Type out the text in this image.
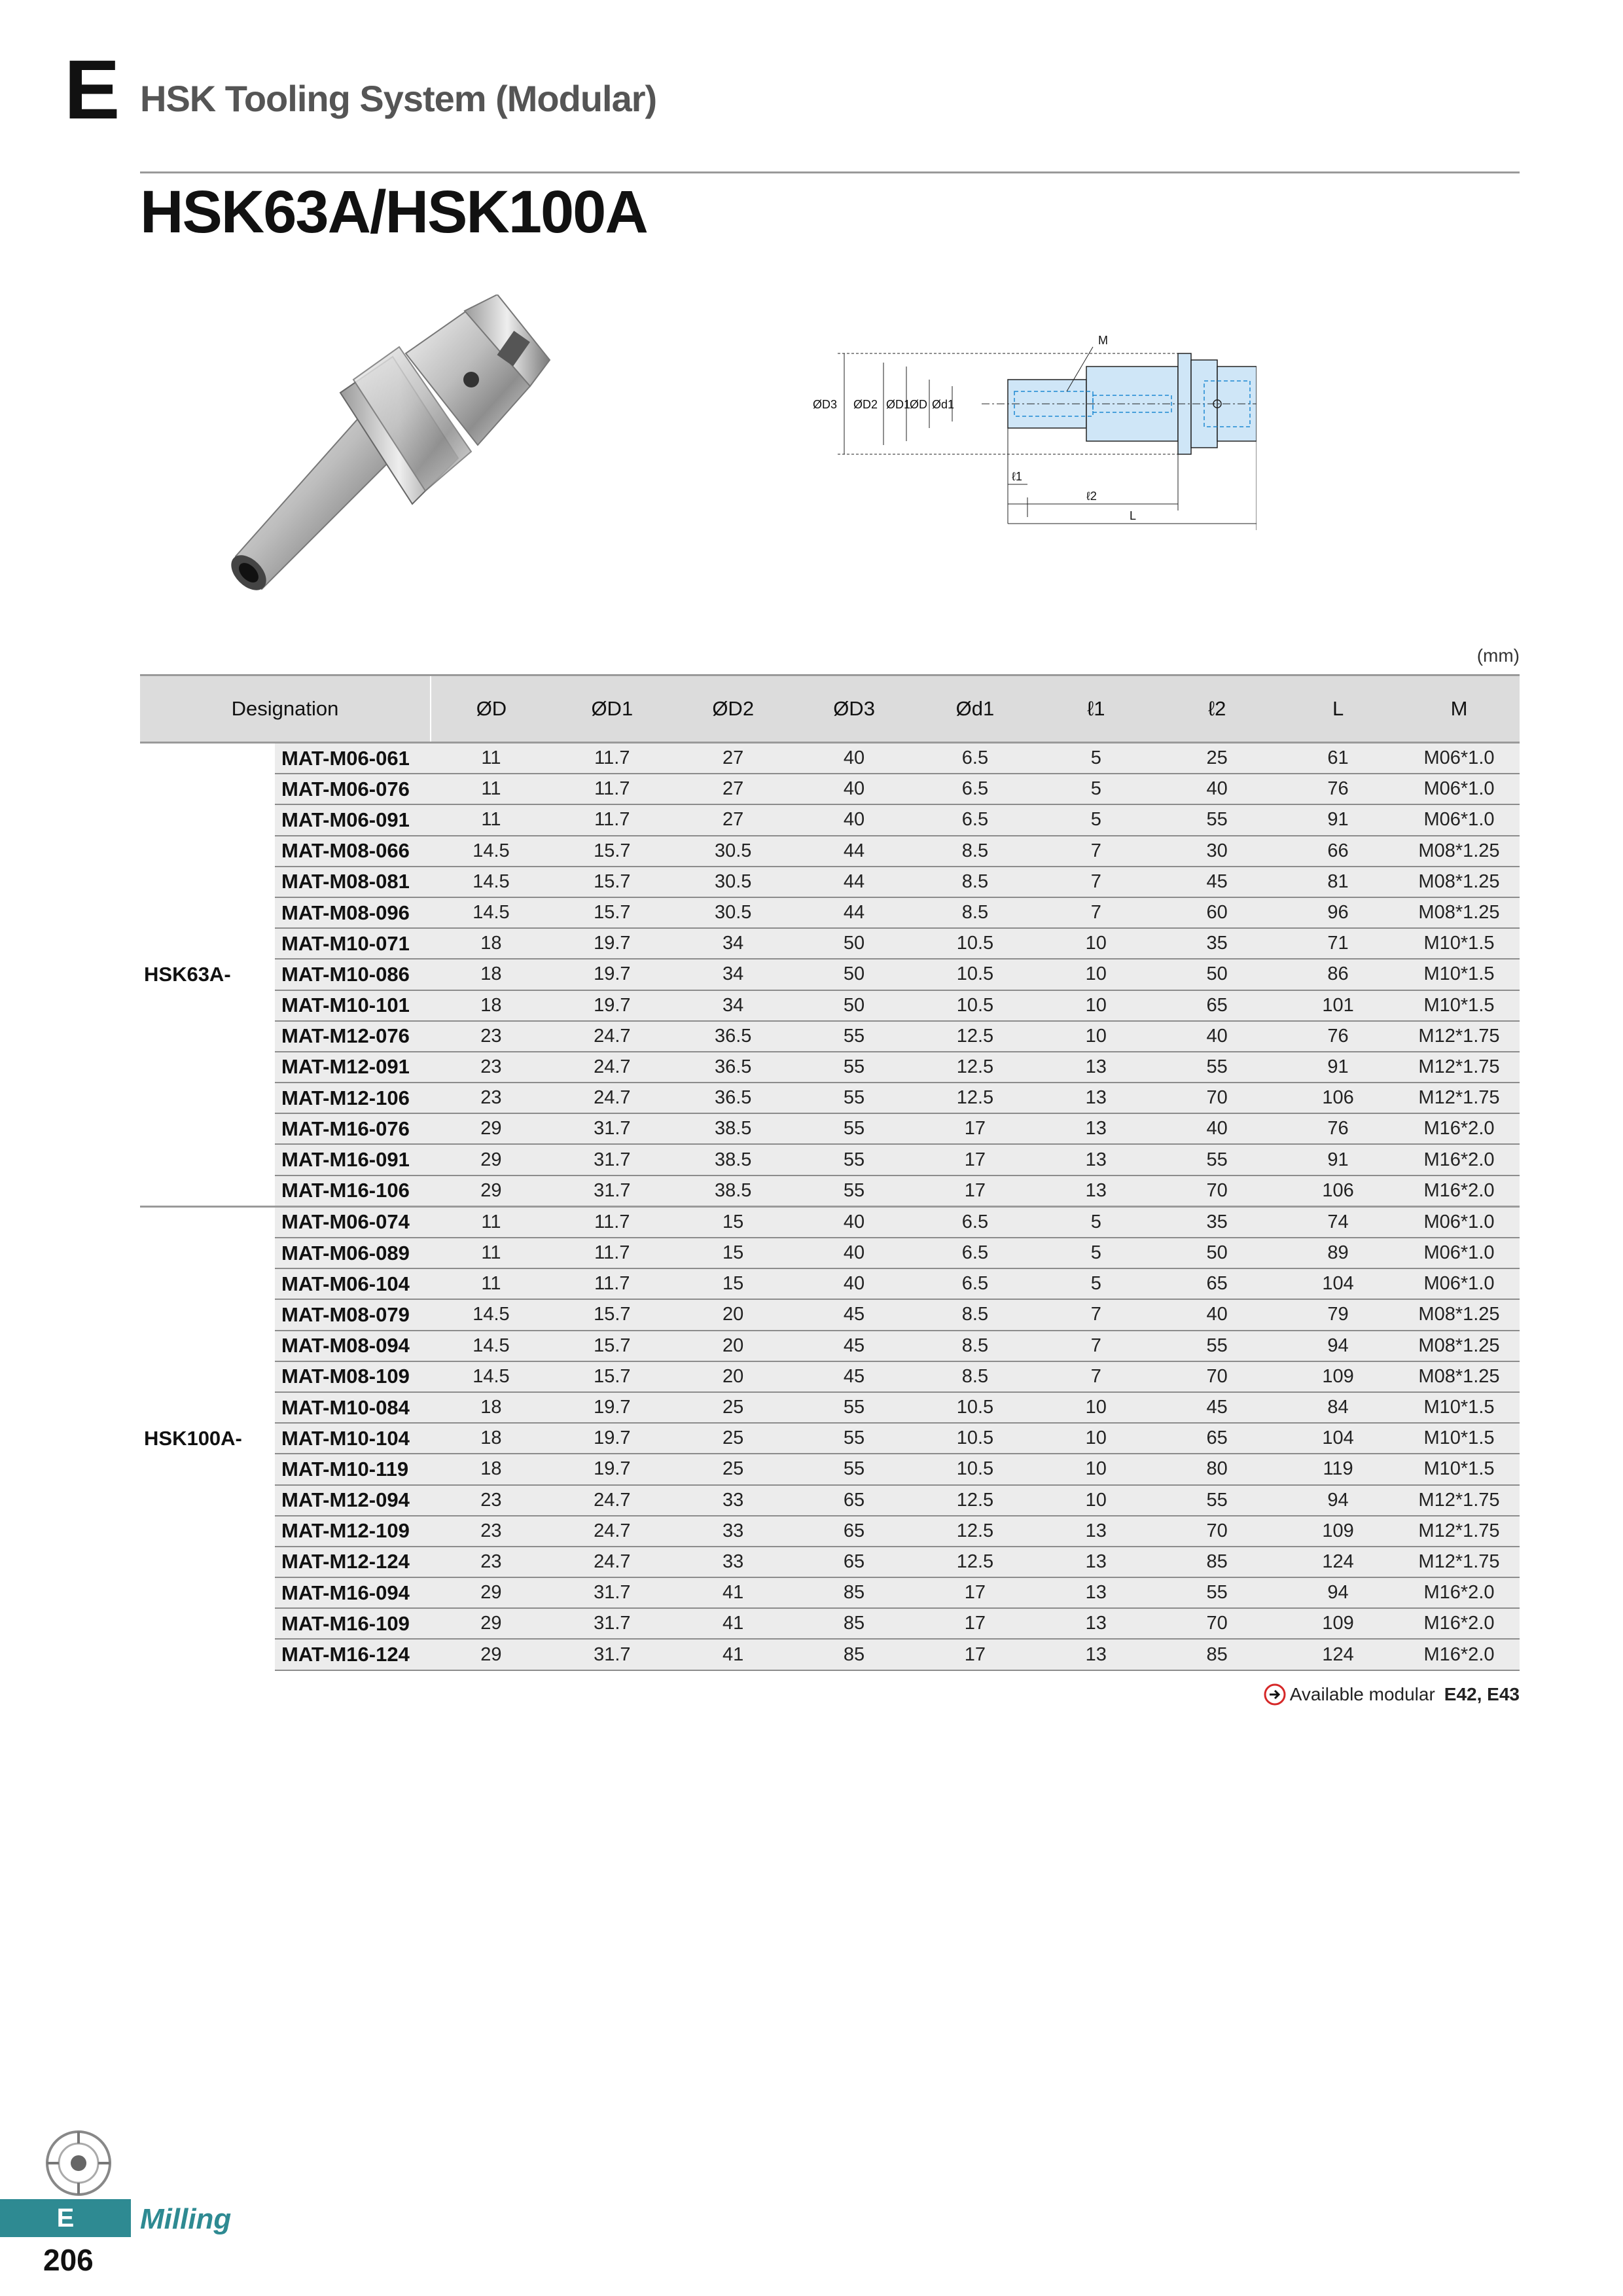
E HSK Tooling System (Modular)
HSK63A/HSK100A
M
ØD3 ØD2 ØD1
ØD Ød1
ℓ1
ℓ2
L
(mm)
Designation		ØD	ØD1	ØD2	ØD3	Ød1	ℓ1	ℓ2	L	M
HSK63A-	MAT-M06-061	11	11.7	27	40	6.5	5	25	61	M06*1.0
	MAT-M06-076	11	11.7	27	40	6.5	5	40	76	M06*1.0
	MAT-M06-091	11	11.7	27	40	6.5	5	55	91	M06*1.0
	MAT-M08-066	14.5	15.7	30.5	44	8.5	7	30	66	M08*1.25
	MAT-M08-081	14.5	15.7	30.5	44	8.5	7	45	81	M08*1.25
	MAT-M08-096	14.5	15.7	30.5	44	8.5	7	60	96	M08*1.25
	MAT-M10-071	18	19.7	34	50	10.5	10	35	71	M10*1.5
	MAT-M10-086	18	19.7	34	50	10.5	10	50	86	M10*1.5
	MAT-M10-101	18	19.7	34	50	10.5	10	65	101	M10*1.5
	MAT-M12-076	23	24.7	36.5	55	12.5	10	40	76	M12*1.75
	MAT-M12-091	23	24.7	36.5	55	12.5	13	55	91	M12*1.75
	MAT-M12-106	23	24.7	36.5	55	12.5	13	70	106	M12*1.75
	MAT-M16-076	29	31.7	38.5	55	17	13	40	76	M16*2.0
	MAT-M16-091	29	31.7	38.5	55	17	13	55	91	M16*2.0
	MAT-M16-106	29	31.7	38.5	55	17	13	70	106	M16*2.0
HSK100A-	MAT-M06-074	11	11.7	15	40	6.5	5	35	74	M06*1.0
	MAT-M06-089	11	11.7	15	40	6.5	5	50	89	M06*1.0
	MAT-M06-104	11	11.7	15	40	6.5	5	65	104	M06*1.0
	MAT-M08-079	14.5	15.7	20	45	8.5	7	40	79	M08*1.25
	MAT-M08-094	14.5	15.7	20	45	8.5	7	55	94	M08*1.25
	MAT-M08-109	14.5	15.7	20	45	8.5	7	70	109	M08*1.25
	MAT-M10-084	18	19.7	25	55	10.5	10	45	84	M10*1.5
	MAT-M10-104	18	19.7	25	55	10.5	10	65	104	M10*1.5
	MAT-M10-119	18	19.7	25	55	10.5	10	80	119	M10*1.5
	MAT-M12-094	23	24.7	33	65	12.5	10	55	94	M12*1.75
	MAT-M12-109	23	24.7	33	65	12.5	13	70	109	M12*1.75
	MAT-M12-124	23	24.7	33	65	12.5	13	85	124	M12*1.75
	MAT-M16-094	29	31.7	41	85	17	13	55	94	M16*2.0
	MAT-M16-109	29	31.7	41	85	17	13	70	109	M16*2.0
	MAT-M16-124	29	31.7	41	85	17	13	85	124	M16*2.0
Available modular E42, E43
E	Milling
206
